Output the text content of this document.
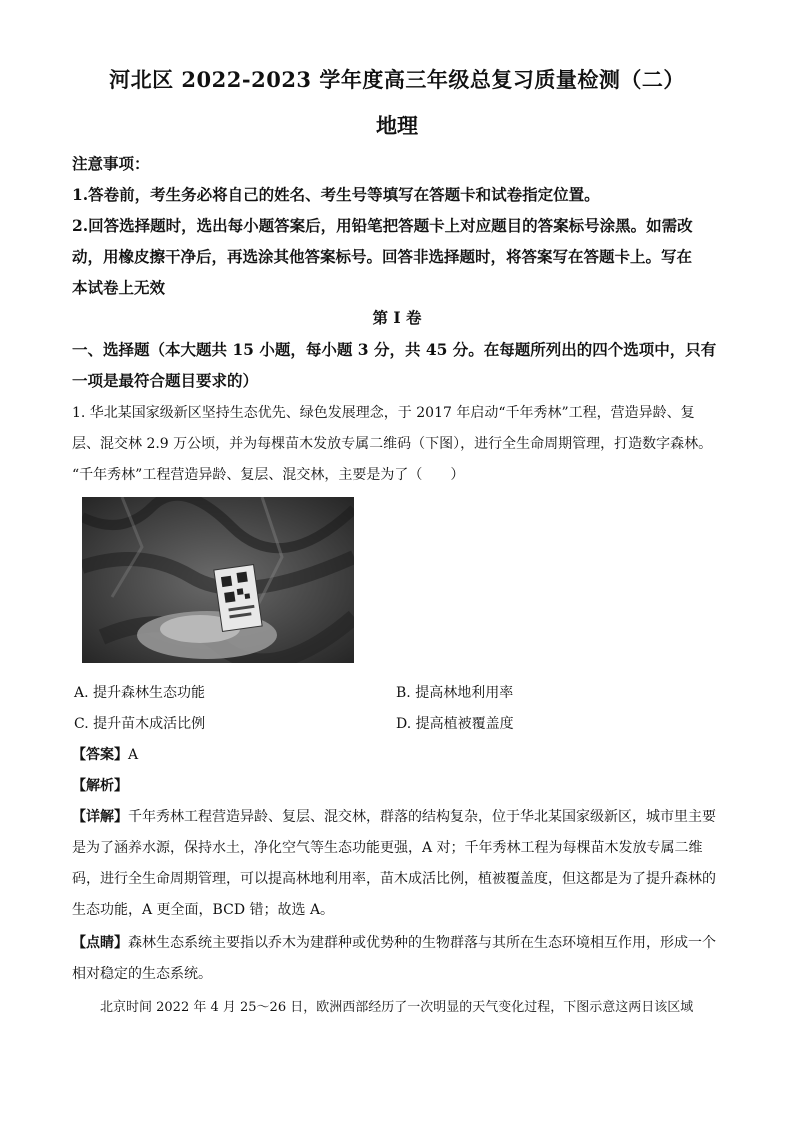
河北区 2022-2023 学年度高三年级总复习质量检测（二）
地理
注意事项：
1.答卷前，考生务必将自己的姓名、考生号等填写在答题卡和试卷指定位置。
2.回答选择题时，选出每小题答案后，用铅笔把答题卡上对应题目的答案标号涂黑。如需改
动，用橡皮擦干净后，再选涂其他答案标号。回答非选择题时，将答案写在答题卡上。写在
本试卷上无效
第 I 卷
一、选择题（本大题共 15 小题，每小题 3 分，共 45 分。在每题所列出的四个选项中，只有
一项是最符合题目要求的）
1. 华北某国家级新区坚持生态优先、绿色发展理念，于 2017 年启动“千年秀林”工程，营造异龄、复
层、混交林 2.9 万公顷，并为每棵苗木发放专属二维码（下图），进行全生命周期管理，打造数字森林。
“千年秀林”工程营造异龄、复层、混交林，主要是为了（　　）
A. 提升森林生态功能	B. 提高林地利用率
C. 提升苗木成活比例	D. 提高植被覆盖度
【答案】A
【解析】
【详解】千年秀林工程营造异龄、复层、混交林，群落的结构复杂，位于华北某国家级新区，城市里主要
是为了涵养水源，保持水土，净化空气等生态功能更强，A 对；千年秀林工程为每棵苗木发放专属二维
码，进行全生命周期管理，可以提高林地利用率，苗木成活比例，植被覆盖度，但这都是为了提升森林的
生态功能，A 更全面，BCD 错；故选 A。
【点睛】森林生态系统主要指以乔木为建群种或优势种的生物群落与其所在生态环境相互作用，形成一个
相对稳定的生态系统。
北京时间 2022 年 4 月 25～26 日，欧洲西部经历了一次明显的天气变化过程，下图示意这两日该区域
